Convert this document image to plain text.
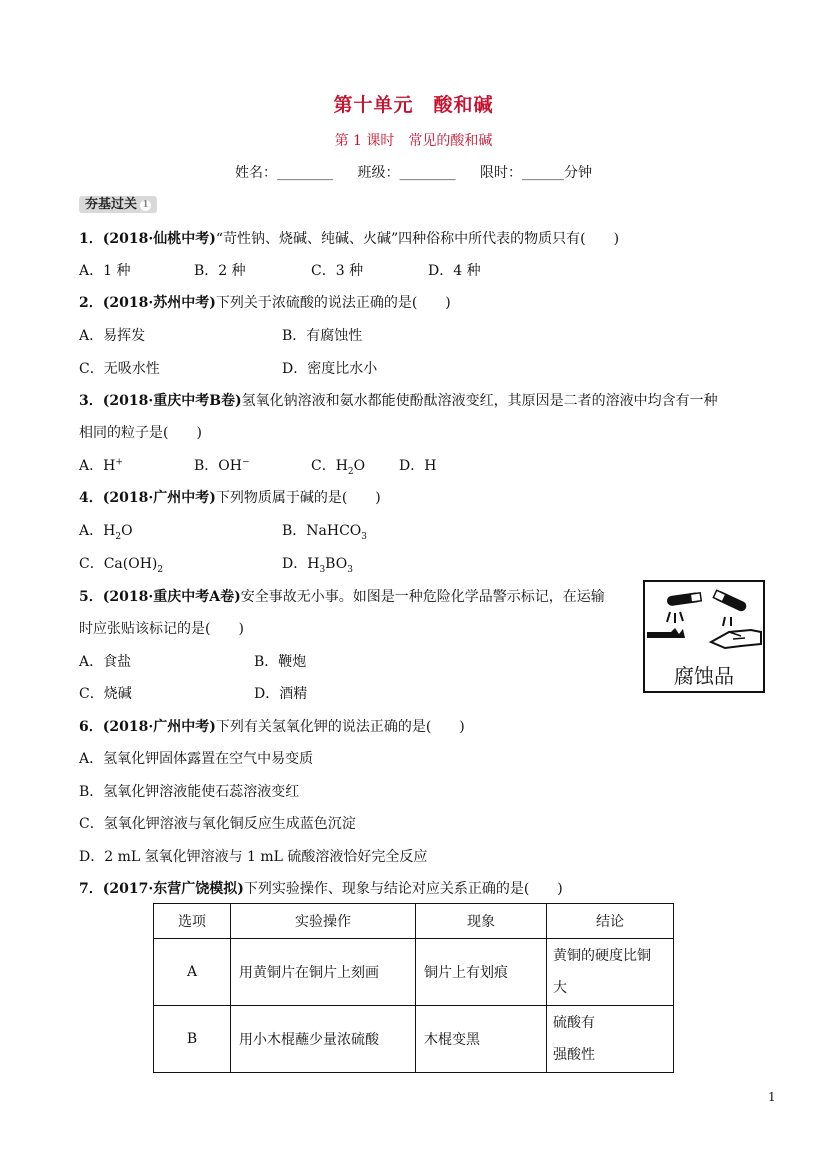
第十单元　酸和碱
第 1 课时　常见的酸和碱
姓名：________ 班级：________ 限时：______分钟
夯基过关 1
1．(2018·仙桃中考)“苛性钠、烧碱、纯碱、火碱”四种俗称中所代表的物质只有(　　)
A．1 种	B．2 种	C．3 种	D．4 种
2．(2018·苏州中考)下列关于浓硫酸的说法正确的是(　　)
A．易挥发	B．有腐蚀性
C．无吸水性	D．密度比水小
3．(2018·重庆中考B卷)氢氧化钠溶液和氨水都能使酚酞溶液变红，其原因是二者的溶液中均含有一种
相同的粒子是(　　)
A．H+	B．OH−	C．$H_2O$ D．H
4．(2018·广州中考)下列物质属于碱的是(　　)
A．$H_2O$	B．NaHCO$_3$
C．$Ca(OH)_2$	D．$H_3BO_3$
5．(2018·重庆中考A卷)安全事故无小事。如图是一种危险化学品警示标记，在运输
时应张贴该标记的是(　　)
A．食盐	B．鞭炮
C．烧碱	D．酒精
腐蚀品
6．(2018·广州中考)下列有关氢氧化钾的说法正确的是(　　)
A．氢氧化钾固体露置在空气中易变质
B．氢氧化钾溶液能使石蕊溶液变红
C．氢氧化钾溶液与氧化铜反应生成蓝色沉淀
D．2 mL 氢氧化钾溶液与 1 mL 硫酸溶液恰好完全反应
7．(2017·东营广饶模拟)下列实验操作、现象与结论对应关系正确的是(　　)
选项	实验操作	现象	结论
A	用黄铜片在铜片上刻画	铜片上有划痕	黄铜的硬度比铜
大
B	用小木棍蘸少量浓硫酸	木棍变黑	硫酸有
强酸性
1
